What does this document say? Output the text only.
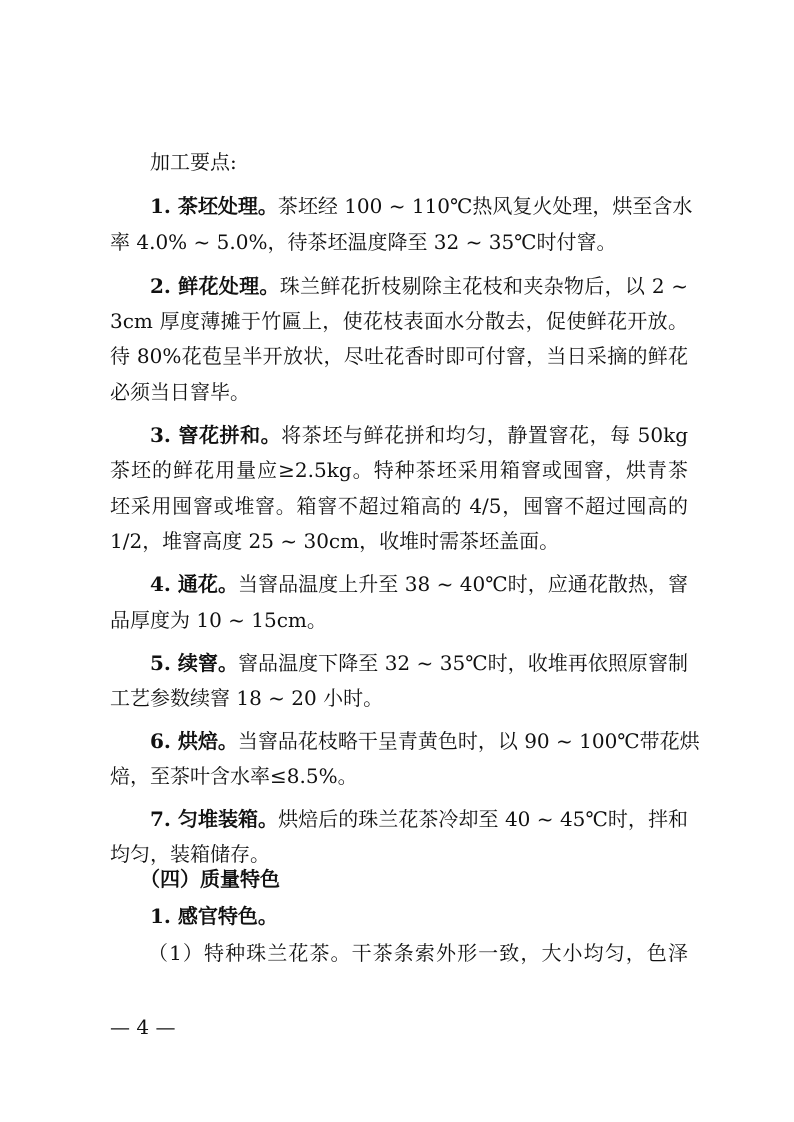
加工要点:
1. 茶坯处理。茶坯经 100 ~ 110℃热风复火处理，烘至含水
率 4.0% ~ 5.0%，待茶坯温度降至 32 ~ 35℃时付窨。
2. 鲜花处理。珠兰鲜花折枝剔除主花枝和夹杂物后，以 2 ~
3cm 厚度薄摊于竹匾上，使花枝表面水分散去，促使鲜花开放。
待 80%花苞呈半开放状，尽吐花香时即可付窨，当日采摘的鲜花
必须当日窨毕。
3. 窨花拼和。将茶坯与鲜花拼和均匀，静置窨花，每 50kg
茶坯的鲜花用量应≥2.5kg。特种茶坯采用箱窨或囤窨，烘青茶
坯采用囤窨或堆窨。箱窨不超过箱高的 4/5，囤窨不超过囤高的
1/2，堆窨高度 25 ~ 30cm，收堆时需茶坯盖面。
4. 通花。当窨品温度上升至 38 ~ 40℃时，应通花散热，窨
品厚度为 10 ~ 15cm。
5. 续窨。窨品温度下降至 32 ~ 35℃时，收堆再依照原窨制
工艺参数续窨 18 ~ 20 小时。
6. 烘焙。当窨品花枝略干呈青黄色时，以 90 ~ 100℃带花烘
焙，至茶叶含水率≤8.5%。
7. 匀堆装箱。烘焙后的珠兰花茶冷却至 40 ~ 45℃时，拌和
均匀，装箱储存。
（四）质量特色
1. 感官特色。
（1）特种珠兰花茶。干茶条索外形一致，大小均匀，色泽
— 4 —
